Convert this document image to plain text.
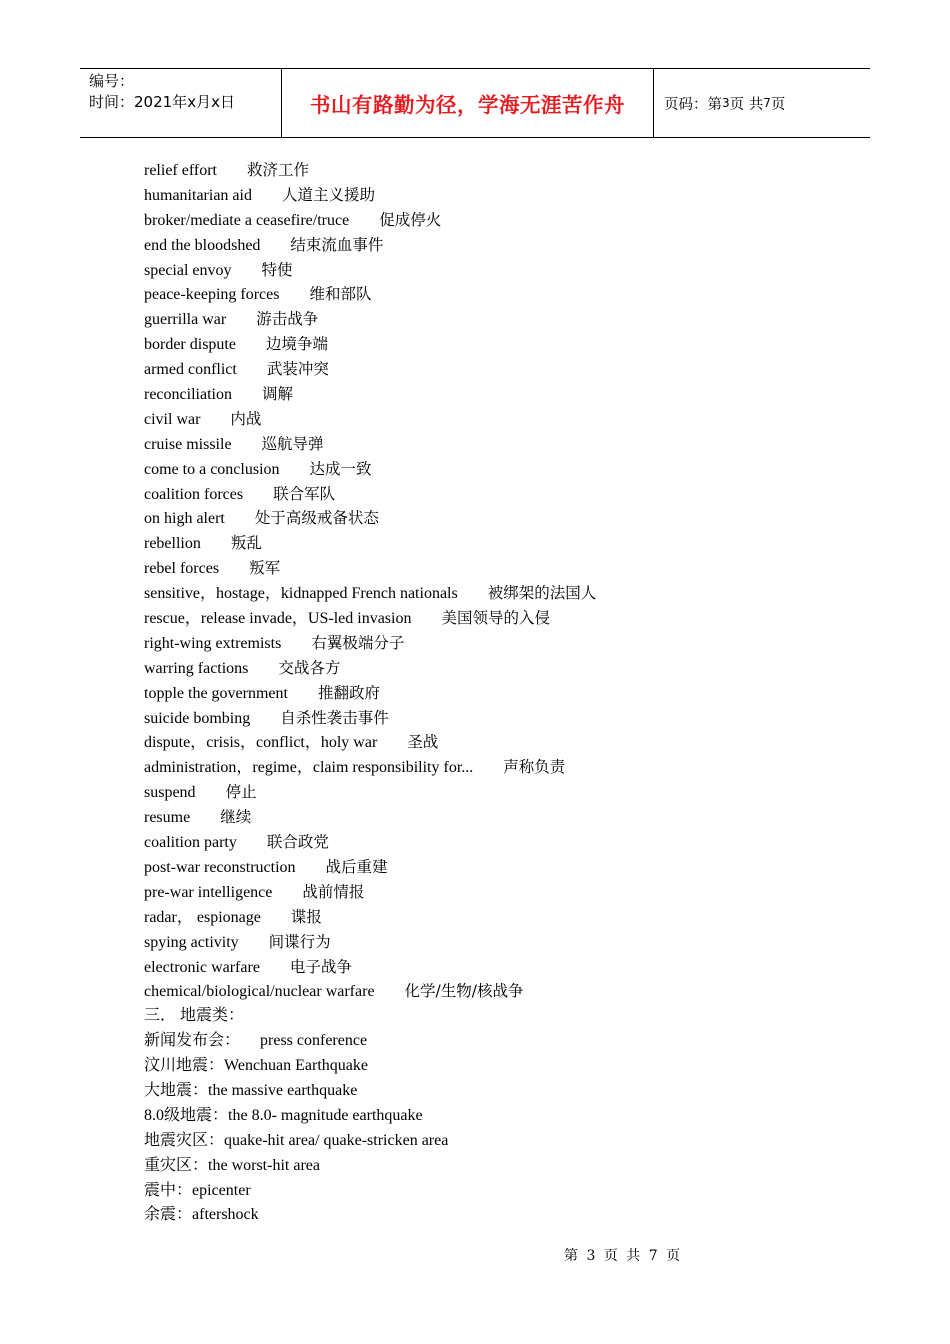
编号：
时间：2021年x月x日	书山有路勤为径，学海无涯苦作舟	页码：第 3 页 共 7 页
relief effort 救济工作
humanitarian aid 人道主义援助
broker/mediate a ceasefire/truce 促成停火
end the bloodshed 结束流血事件
special envoy 特使
peace-keeping forces 维和部队
guerrilla war 游击战争
border dispute 边境争端
armed conflict 武装冲突
reconciliation 调解
civil war 内战
cruise missile 巡航导弹
come to a conclusion 达成一致
coalition forces 联合军队
on high alert 处于高级戒备状态
rebellion 叛乱
rebel forces 叛军
sensitive，hostage，kidnapped French nationals 被绑架的法国人
rescue，release invade，US-led invasion 美国领导的入侵
right-wing extremists 右翼极端分子
warring factions 交战各方
topple the government 推翻政府
suicide bombing 自杀性袭击事件
dispute，crisis，conflict，holy war 圣战
administration，regime，claim responsibility for... 声称负责
suspend 停止
resume 继续
coalition party 联合政党
post-war reconstruction 战后重建
pre-war intelligence 战前情报
radar， espionage 谍报
spying activity 间谍行为
electronic warfare 电子战争
chemical/biological/nuclear warfare 化学/生物/核战争
三． 地震类：
新闻发布会：     press conference
汶川地震：Wenchuan Earthquake
大地震：the massive earthquake
8.0级地震：the 8.0- magnitude earthquake
地震灾区：quake-hit area/ quake-stricken area
重灾区：the worst-hit area
震中：epicenter
余震：aftershock
第 3 页 共 7 页
